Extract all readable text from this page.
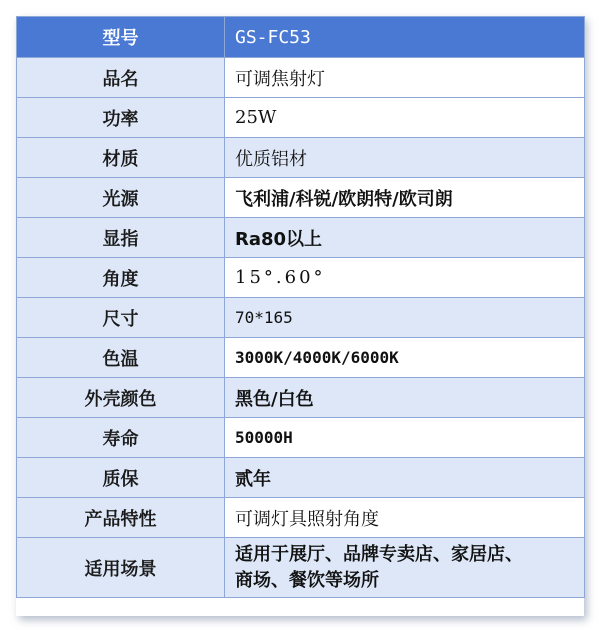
型号	GS-FC53
品名	可调焦射灯
功率	25W
材质	优质铝材
光源	飞利浦/科锐/欧朗特/欧司朗
显指	Ra80以上
角度	15°.60°
尺寸	70*165
色温	3000K/4000K/6000K
外壳颜色	黑色/白色
寿命	50000H
质保	贰年
产品特性	可调灯具照射角度
适用场景	适用于展厅、品牌专卖店、家居店、
商场、餐饮等场所
